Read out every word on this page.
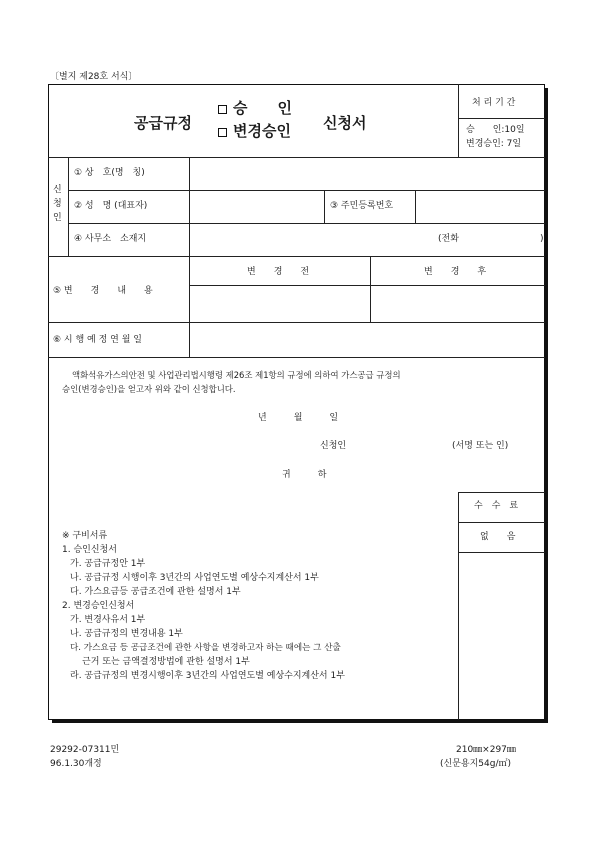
〔별지 제28호 서식〕
공급규정
승　　인
변경승인 신청서
처 리 기 간
승　　인:10일
변경승인: 7일
신
청
인
① 상　호(명　칭)
② 성　명 (대표자)	③ 주민등록번호
④ 사무소　소재지	(전화	)
⑤ 변　　경　　내　　용
변　　경　　전	변　　경　　후
⑥ 시 행 예 정 연 월 일
액화석유가스의안전 및 사업관리법시행령 제26조 제1항의 규정에 의하여 가스공급 규정의
승인(변경승인)을 얻고자 위와 같이 신청합니다.
년　　　월　　　일
신청인	(서명 또는 인)
귀　　　하
수　수　료
없　　음
※ 구비서류
1. 승인신청서
가. 공급규정안 1부
나. 공급규정 시행이후 3년간의 사업연도별 예상수지계산서 1부
다. 가스요금등 공급조건에 관한 설명서 1부
2. 변경승인신청서
가. 변경사유서 1부
나. 공급규정의 변경내용 1부
다. 가스요금 등 공급조건에 관한 사항을 변경하고자 하는 때에는 그 산출
근거 또는 금액결정방법에 관한 설명서 1부
라. 공급규정의 변경시행이후 3년간의 사업연도별 예상수지계산서 1부
29292-07311민
96.1.30개정
210㎜×297㎜
(신문용지54g/㎡)
